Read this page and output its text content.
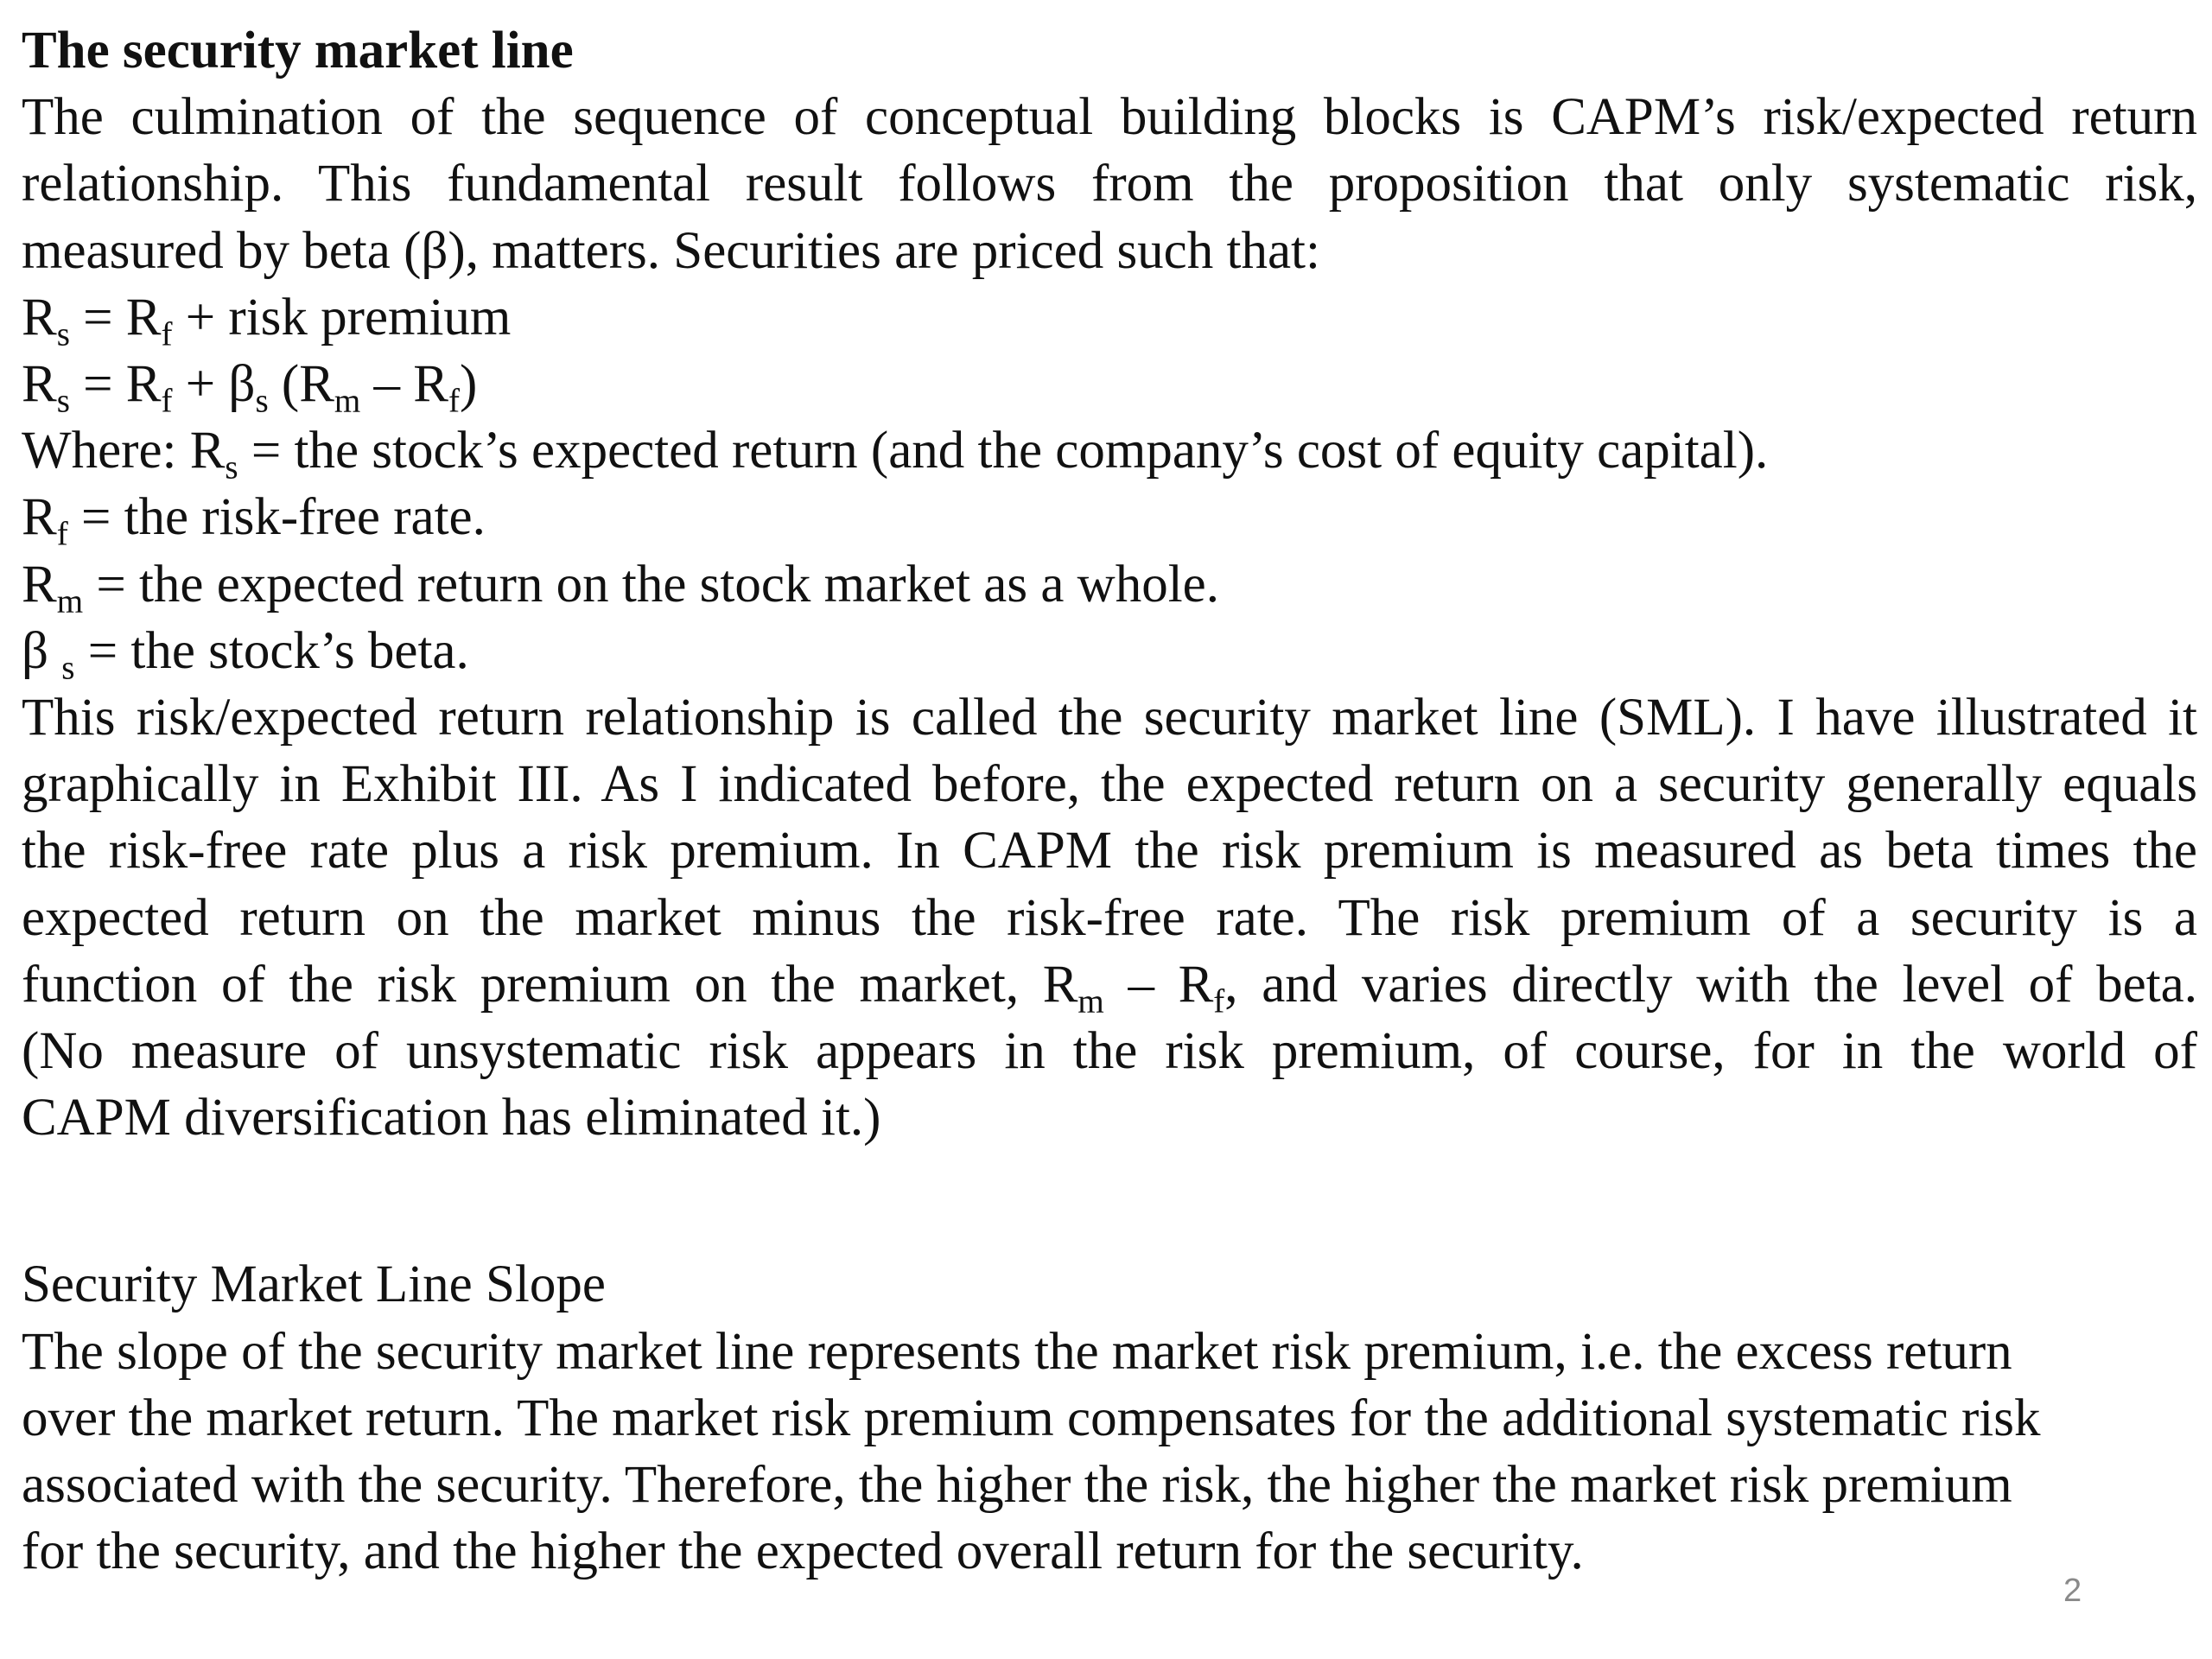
The security market line
The culmination of the sequence of conceptual building blocks is CAPM’s risk/expected return
relationship. This fundamental result follows from the proposition that only systematic risk,
measured by beta (β), matters. Securities are priced such that:
$R_s = R_f$ + risk premium
$R_s = R_f + \beta_s$ $(R_m - R_f)$
Where: $R_s$ = the stock’s expected return (and the company’s cost of equity capital).
$R_f$ = the risk-free rate.
$R_m$ = the expected return on the stock market as a whole.
β $_s$ = the stock’s beta.
This risk/expected return relationship is called the security market line (SML). I have illustrated it
graphically in Exhibit III. As I indicated before, the expected return on a security generally equals
the risk-free rate plus a risk premium. In CAPM the risk premium is measured as beta times the
expected return on the market minus the risk-free rate. The risk premium of a security is a
function of the risk premium on the market, $R_m - R_f$, and varies directly with the level of beta.
(No measure of unsystematic risk appears in the risk premium, of course, for in the world of
CAPM diversification has eliminated it.)
Security Market Line Slope
The slope of the security market line represents the market risk premium, i.e. the excess return
over the market return. The market risk premium compensates for the additional systematic risk
associated with the security. Therefore, the higher the risk, the higher the market risk premium
for the security, and the higher the expected overall return for the security.
2
